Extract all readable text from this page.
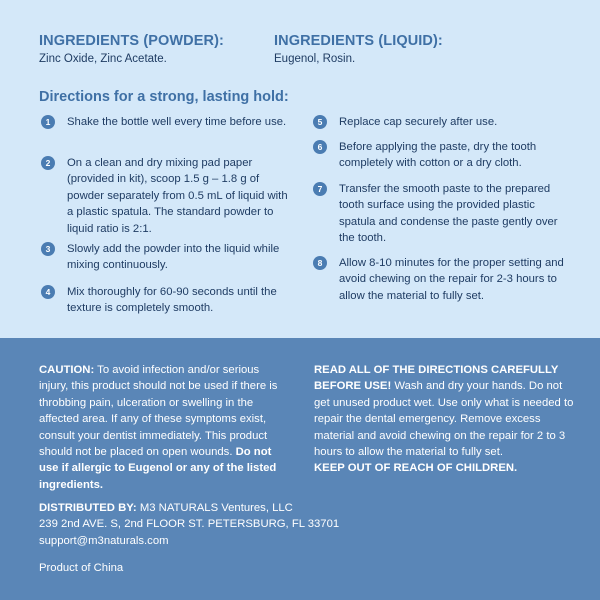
INGREDIENTS (POWDER):
Zinc Oxide, Zinc Acetate.
INGREDIENTS (LIQUID):
Eugenol, Rosin.
Directions for a strong, lasting hold:
1	Shake the bottle well every time before use.
2	On a clean and dry mixing pad paper (provided in kit), scoop 1.5 g – 1.8 g of powder separately from 0.5 mL of liquid with a plastic spatula. The standard powder to liquid ratio is 2:1.
3	Slowly add the powder into the liquid while mixing continuously.
4	Mix thoroughly for 60-90 seconds until the texture is completely smooth.
5	Replace cap securely after use.
6	Before applying the paste, dry the tooth completely with cotton or a dry cloth.
7	Transfer the smooth paste to the prepared tooth surface using the provided plastic spatula and condense the paste gently over the tooth.
8	Allow 8-10 minutes for the proper setting and avoid chewing on the repair for 2-3 hours to allow the material to fully set.
CAUTION: To avoid infection and/or serious injury, this product should not be used if there is throbbing pain, ulceration or swelling in the affected area. If any of these symptoms exist, consult your dentist immediately. This product should not be placed on open wounds. Do not use if allergic to Eugenol or any of the listed ingredients.
READ ALL OF THE DIRECTIONS CAREFULLY BEFORE USE! Wash and dry your hands. Do not get unused product wet. Use only what is needed to repair the dental emergency. Remove excess material and avoid chewing on the repair for 2 to 3 hours to allow the material to fully set.
KEEP OUT OF REACH OF CHILDREN.
DISTRIBUTED BY: M3 NATURALS Ventures, LLC
239 2nd AVE. S, 2nd FLOOR ST. PETERSBURG, FL 33701
support@m3naturals.com
Product of China
